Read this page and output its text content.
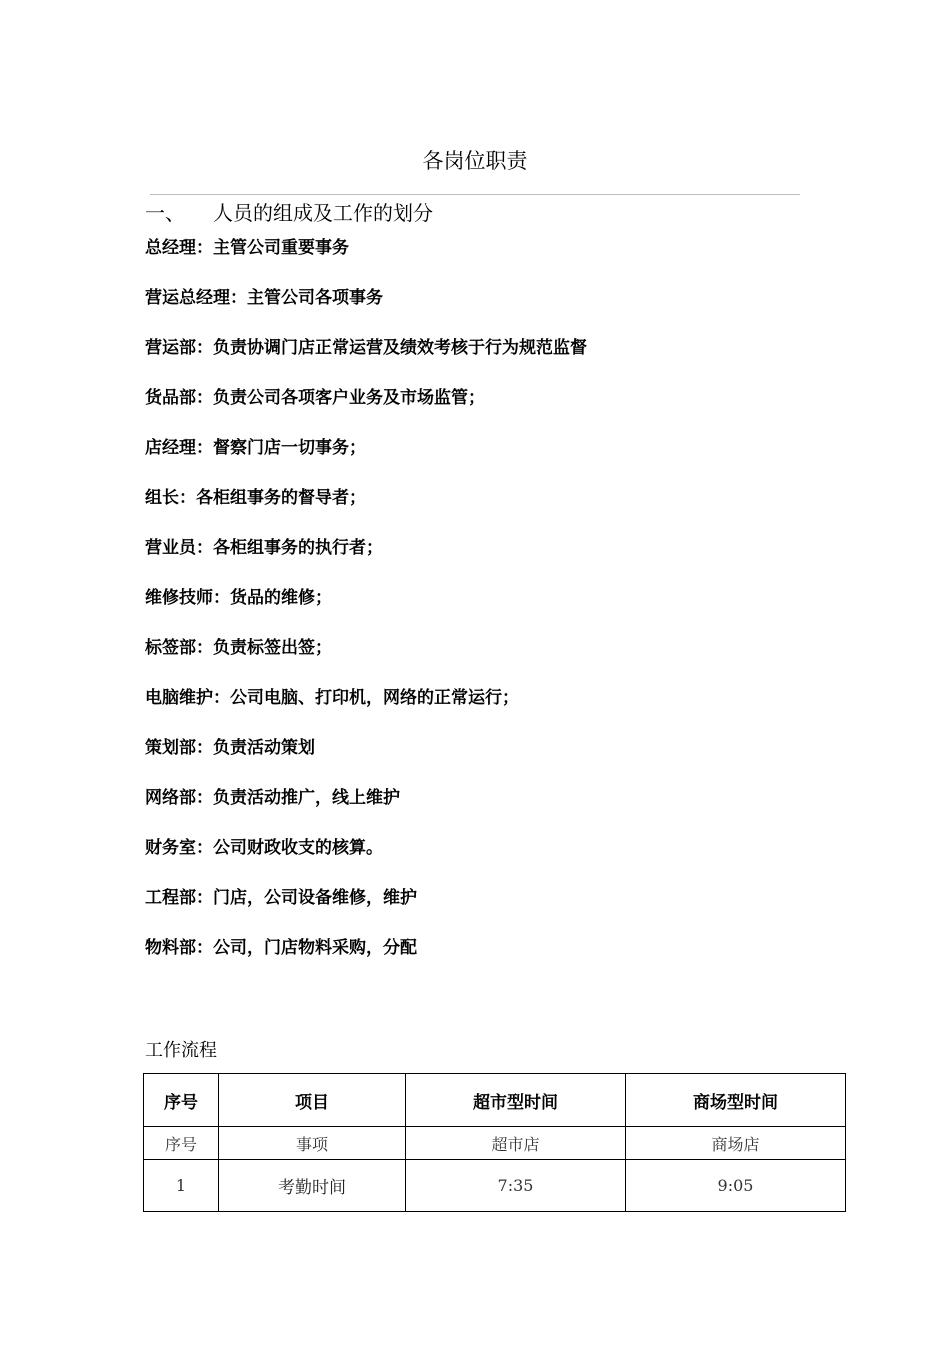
各岗位职责
一、 人员的组成及工作的划分
总经理：主管公司重要事务
营运总经理：主管公司各项事务
营运部：负责协调门店正常运营及绩效考核于行为规范监督
货品部：负责公司各项客户业务及市场监管；
店经理：督察门店一切事务；
组长：各柜组事务的督导者；
营业员：各柜组事务的执行者；
维修技师：货品的维修；
标签部：负责标签出签；
电脑维护：公司电脑、打印机，网络的正常运行；
策划部：负责活动策划
网络部：负责活动推广，线上维护
财务室：公司财政收支的核算。
工程部：门店，公司设备维修，维护
物料部：公司，门店物料采购，分配
工作流程
序号	项目	超市型时间	商场型时间
序号	事项	超市店	商场店
1	考勤时间	7:35	9:05
